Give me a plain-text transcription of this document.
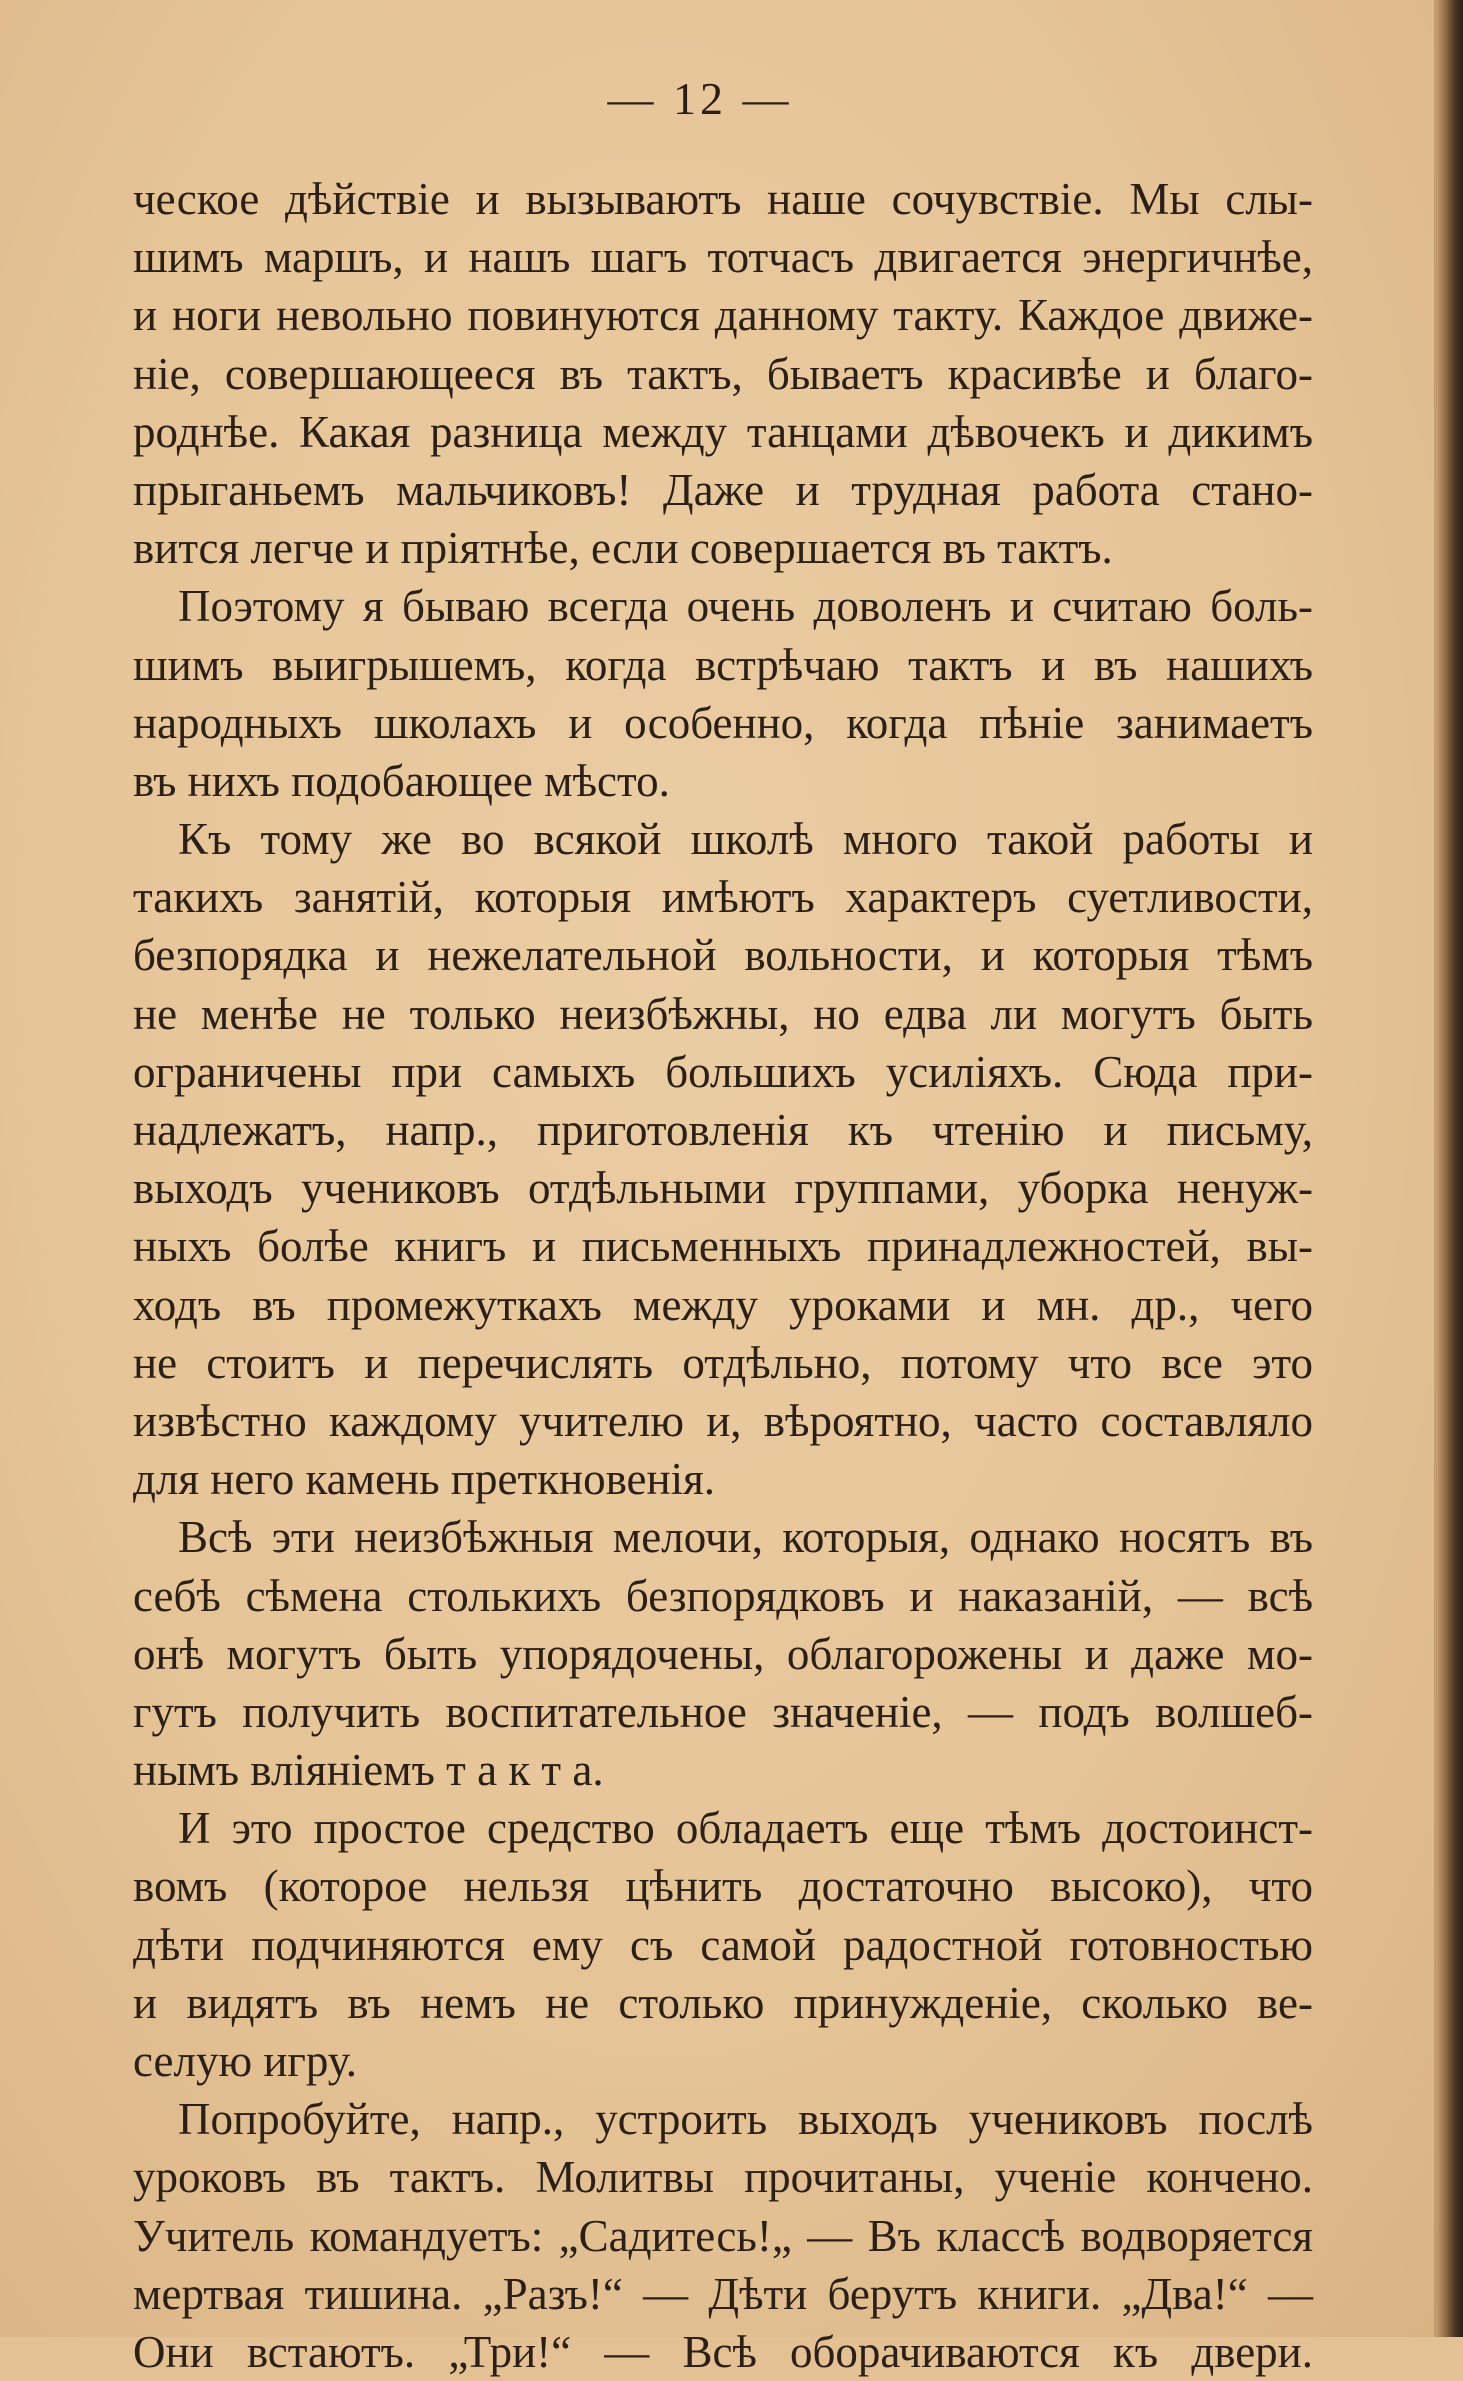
— 12 —
ческое дѣйствіе и вызываютъ наше сочувствіе. Мы слы-
шимъ маршъ, и нашъ шагъ тотчасъ двигается энергичнѣе,
и ноги невольно повинуются данному такту. Каждое движе-
ніе, совершающееся въ тактъ, бываетъ красивѣе и благо-
роднѣе. Какая разница между танцами дѣвочекъ и дикимъ
прыганьемъ мальчиковъ! Даже и трудная работа стано-
вится легче и пріятнѣе, если совершается въ тактъ.
Поэтому я бываю всегда очень доволенъ и считаю боль-
шимъ выигрышемъ, когда встрѣчаю тактъ и въ нашихъ
народныхъ школахъ и особенно, когда пѣніе занимаетъ
въ нихъ подобающее мѣсто.
Къ тому же во всякой школѣ много такой работы и
такихъ занятій, которыя имѣютъ характеръ суетливости,
безпорядка и нежелательной вольности, и которыя тѣмъ
не менѣе не только неизбѣжны, но едва ли могутъ быть
ограничены при самыхъ большихъ усиліяхъ. Сюда при-
надлежатъ, напр., приготовленія къ чтенію и письму,
выходъ учениковъ отдѣльными группами, уборка ненуж-
ныхъ болѣе книгъ и письменныхъ принадлежностей, вы-
ходъ въ промежуткахъ между уроками и мн. др., чего
не стоитъ и перечислять отдѣльно, потому что все это
извѣстно каждому учителю и, вѣроятно, часто составляло
для него камень преткновенія.
Всѣ эти неизбѣжныя мелочи, которыя, однако носятъ въ
себѣ сѣмена столькихъ безпорядковъ и наказаній, — всѣ
онѣ могутъ быть упорядочены, облагорожены и даже мо-
гутъ получить воспитательное значеніе, — подъ волшеб-
нымъ вліяніемъ т а к т а.
И это простое средство обладаетъ еще тѣмъ достоинст-
вомъ (которое нельзя цѣнить достаточно высоко), что
дѣти подчиняются ему съ самой радостной готовностью
и видятъ въ немъ не столько принужденіе, сколько ве-
селую игру.
Попробуйте, напр., устроить выходъ учениковъ послѣ
уроковъ въ тактъ. Молитвы прочитаны, ученіе кончено.
Учитель командуетъ: „Садитесь!„ — Въ классѣ водворяется
мертвая тишина. „Разъ!“ — Дѣти берутъ книги. „Два!“ —
Они встаютъ. „Три!“ — Всѣ оборачиваются къ двери.
